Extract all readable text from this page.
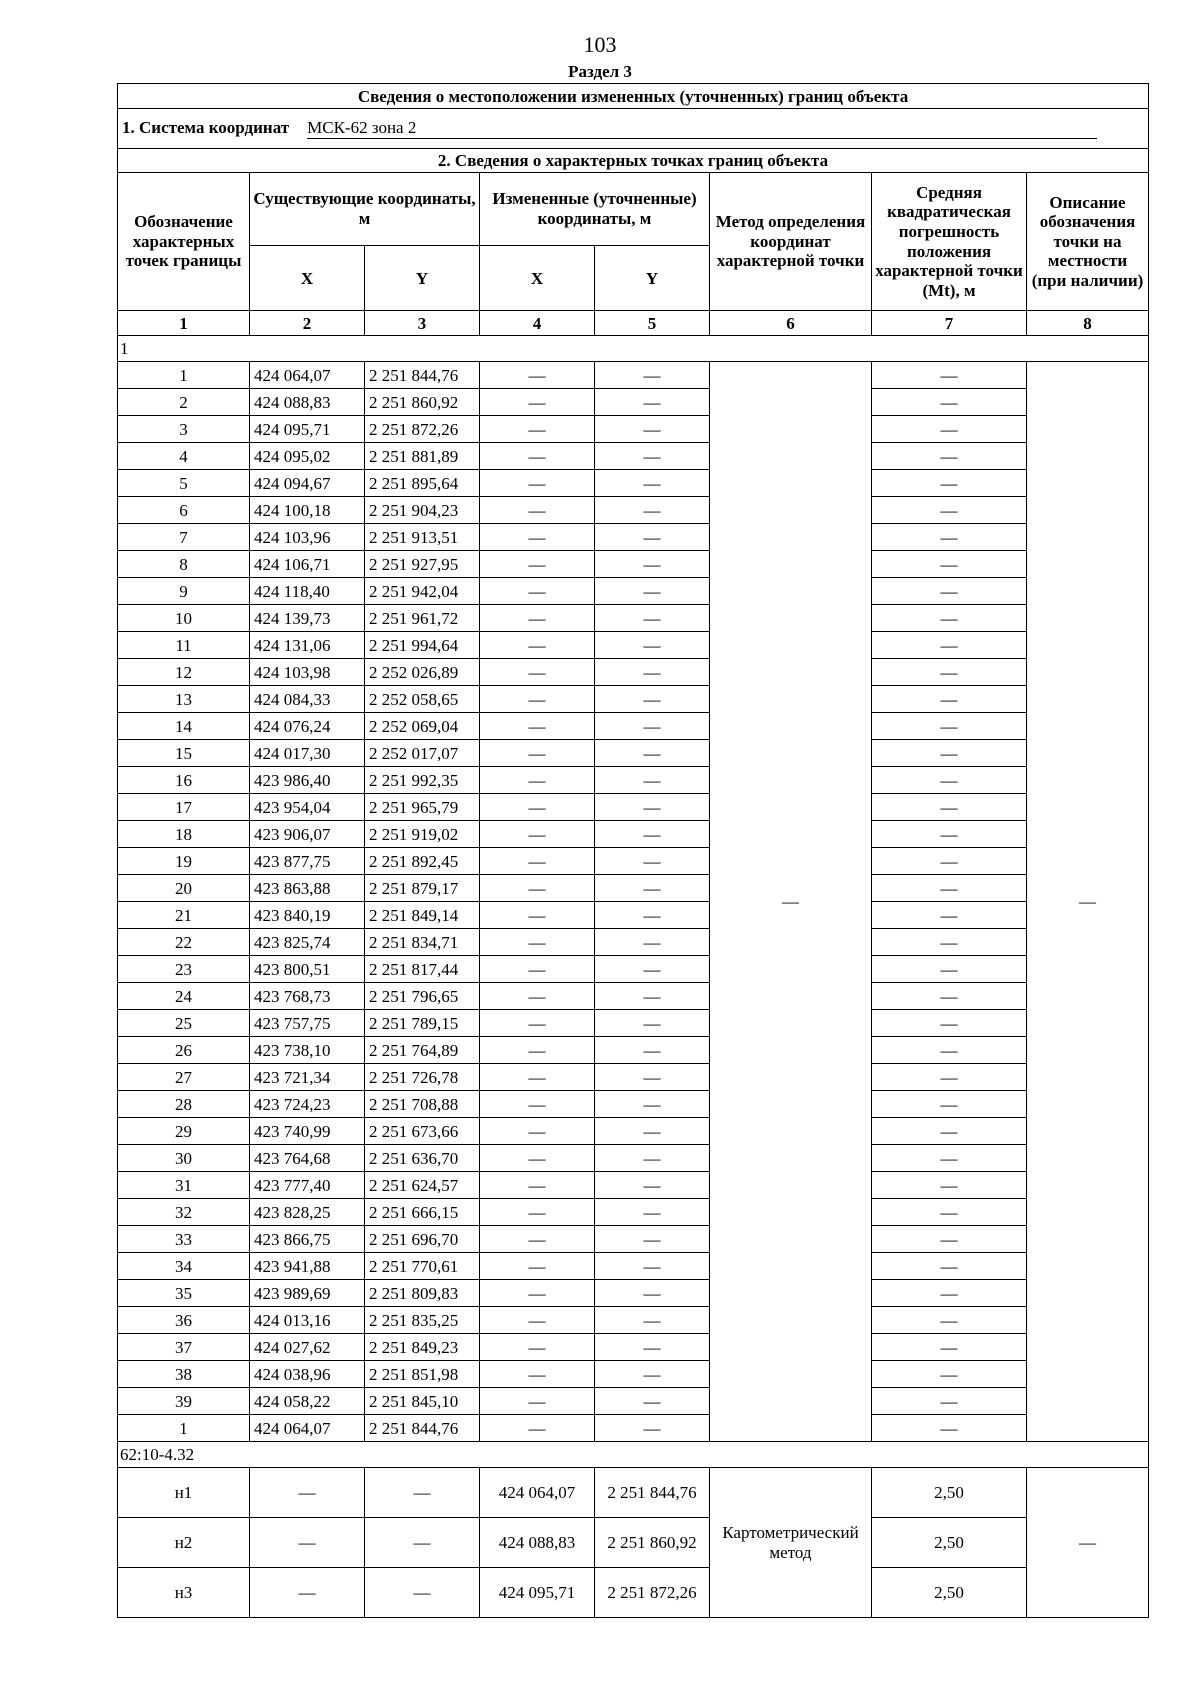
103
Раздел 3
Сведения о местоположении измененных (уточненных) границ объекта							
1. Система координат МСК-62 зона 2							
2. Сведения о характерных точках границ объекта							
Обозначение характерных точек границы	Существующие координаты, м		Измененные (уточненные) координаты, м		Метод определения координат характерной точки	Средняя квадратическая погрешность положения характерной точки (Mt), м	Описание обозначения точки на местности (при наличии)
	X	Y	X	Y			
1	2	3	4	5	6	7	8
1							
1	424 064,07	2 251 844,76	—	—	—	—	—
2	424 088,83	2 251 860,92	—	—		—	
3	424 095,71	2 251 872,26	—	—		—	
4	424 095,02	2 251 881,89	—	—		—	
5	424 094,67	2 251 895,64	—	—		—	
6	424 100,18	2 251 904,23	—	—		—	
7	424 103,96	2 251 913,51	—	—		—	
8	424 106,71	2 251 927,95	—	—		—	
9	424 118,40	2 251 942,04	—	—		—	
10	424 139,73	2 251 961,72	—	—		—	
11	424 131,06	2 251 994,64	—	—		—	
12	424 103,98	2 252 026,89	—	—		—	
13	424 084,33	2 252 058,65	—	—		—	
14	424 076,24	2 252 069,04	—	—		—	
15	424 017,30	2 252 017,07	—	—		—	
16	423 986,40	2 251 992,35	—	—		—	
17	423 954,04	2 251 965,79	—	—		—	
18	423 906,07	2 251 919,02	—	—		—	
19	423 877,75	2 251 892,45	—	—		—	
20	423 863,88	2 251 879,17	—	—		—	
21	423 840,19	2 251 849,14	—	—		—	
22	423 825,74	2 251 834,71	—	—		—	
23	423 800,51	2 251 817,44	—	—		—	
24	423 768,73	2 251 796,65	—	—		—	
25	423 757,75	2 251 789,15	—	—		—	
26	423 738,10	2 251 764,89	—	—		—	
27	423 721,34	2 251 726,78	—	—		—	
28	423 724,23	2 251 708,88	—	—		—	
29	423 740,99	2 251 673,66	—	—		—	
30	423 764,68	2 251 636,70	—	—		—	
31	423 777,40	2 251 624,57	—	—		—	
32	423 828,25	2 251 666,15	—	—		—	
33	423 866,75	2 251 696,70	—	—		—	
34	423 941,88	2 251 770,61	—	—		—	
35	423 989,69	2 251 809,83	—	—		—	
36	424 013,16	2 251 835,25	—	—		—	
37	424 027,62	2 251 849,23	—	—		—	
38	424 038,96	2 251 851,98	—	—		—	
39	424 058,22	2 251 845,10	—	—		—	
1	424 064,07	2 251 844,76	—	—		—	
62:10-4.32							
н1	—	—	424 064,07	2 251 844,76	Картометрический метод	2,50	—
н2	—	—	424 088,83	2 251 860,92		2,50	
н3	—	—	424 095,71	2 251 872,26		2,50	
